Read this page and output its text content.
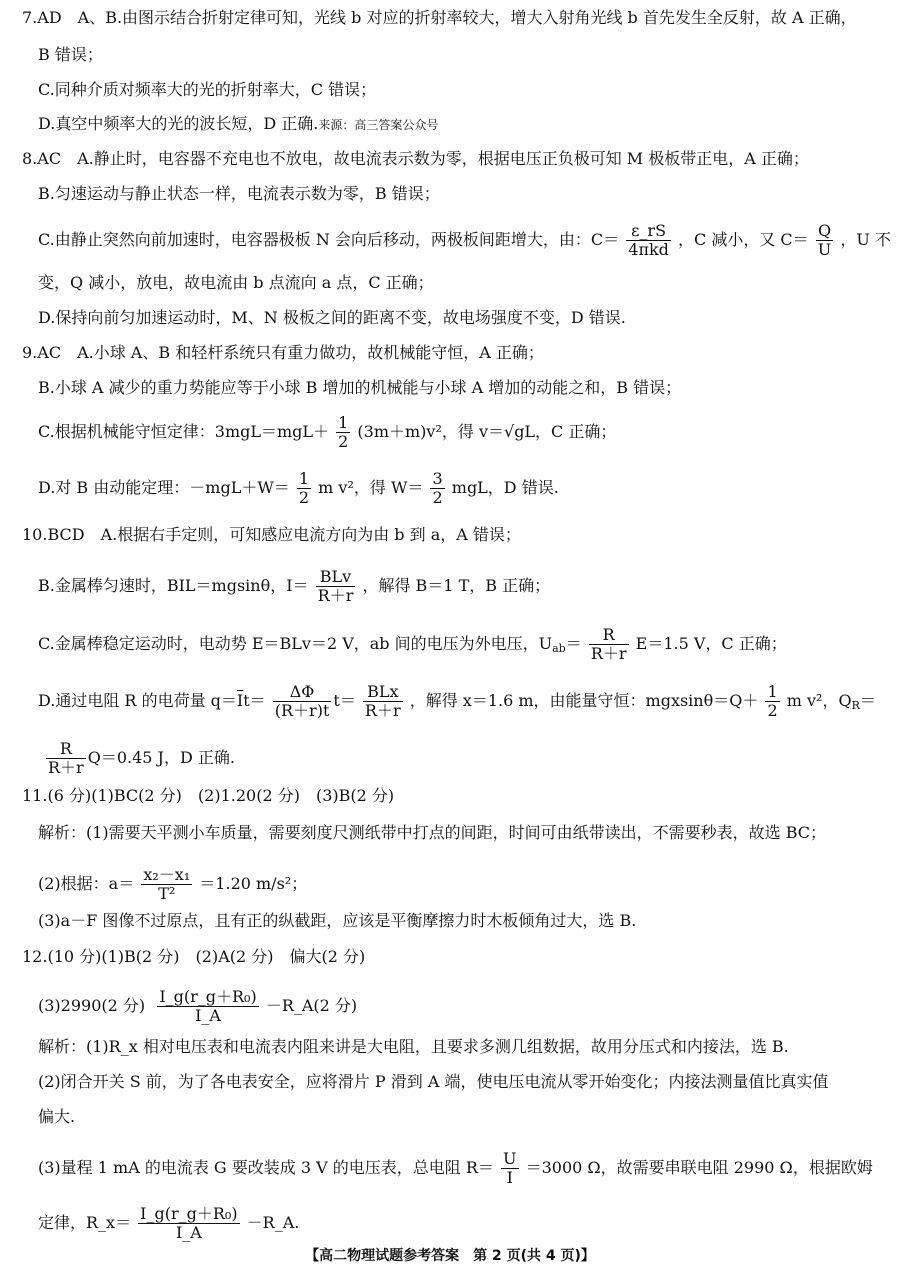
7.AD　A、B.由图示结合折射定律可知，光线 b 对应的折射率较大，增大入射角光线 b 首先发生全反射，故 A 正确，
B 错误；
C.同种介质对频率大的光的折射率大，C 错误；
D.真空中频率大的光的波长短，D 正确.来源：高三答案公众号
8.AC　A.静止时，电容器不充电也不放电，故电流表示数为零，根据电压正负极可知 M 极板带正电，A 正确；
B.匀速运动与静止状态一样，电流表示数为零，B 错误；
C.由静止突然向前加速时，电容器极板 N 会向后移动，两极板间距增大，由：$C= \frac{\varepsilon\_rS}{\text{4πkd}}$ ，C 减小，又 $C= \frac{Q}{U}$ ，U 不
变，Q 减小，放电，故电流由 b 点流向 a 点，C 正确；
D.保持向前匀加速运动时，M、N 极板之间的距离不变，故电场强度不变，D 错误.
9.AC　A.小球 A、B 和轻杆系统只有重力做功，故机械能守恒，A 正确；
B.小球 A 减少的重力势能应等于小球 B 增加的机械能与小球 A 增加的动能之和，B 错误；
C.根据机械能守恒定律：$3mgL=mgL+ \frac{1}{2} (3m+m)v^2$，得 v＝√gL，C 正确；
D.对 B 由动能定理：$-mgL+W= \frac{1}{2}$ m v²，得 $W= \frac{3}{2}$ mgL，D 错误.
10.BCD　A.根据右手定则，可知感应电流方向为由 b 到 a，A 错误；
B.金属棒匀速时，BIL＝mgsinθ，$I= \frac{\text{BLv}}{R+r}$ ，解得 B＝1 T，B 正确；
C.金属棒稳定运动时，电动势 E＝BLv＝2 V，ab 间的电压为外电压，$U_{ab}= \frac{R}{R+r} E=1.5$ V，C 正确；
D.通过电阻 R 的电荷量 $q=\overline{I}t= \frac{\Delta\Phi}{(R+r)t} t= \frac{\text{BLx}}{R+r}$ ，解得 x＝1.6 m，由能量守恒：$mgxsin\theta=Q+ \frac{1}{2}$ m v²，$Q_R=$
$\frac{R}{R+r} Q=0.45$ J，D 正确.
11.(6 分)(1)BC(2 分)　(2)1.20(2 分)　(3)B(2 分)
解析：(1)需要天平测小车质量，需要刻度尺测纸带中打点的间距，时间可由纸带读出，不需要秒表，故选 BC；
(2)根据：$a= \frac{\text{x₂－x₁}}{\text{T²}} =1.20$ m/s²；
(3)a－F 图像不过原点，且有正的纵截距，应该是平衡摩擦力时木板倾角过大，选 B.
12.(10 分)(1)B(2 分)　(2)A(2 分)　偏大(2 分)
(3)2990(2 分) $\frac{\text{I\_g(r\_g＋R₀)}}{I\_A}$ －R_A(2 分)
解析：(1)R_x 相对电压表和电流表内阻来讲是大电阻，且要求多测几组数据，故用分压式和内接法，选 B.
(2)闭合开关 S 前，为了各电表安全，应将滑片 P 滑到 A 端，使电压电流从零开始变化；内接法测量值比真实值
偏大.
(3)量程 1 mA 的电流表 G 要改装成 3 V 的电压表，总电阻 $R= \frac{U}{I} =3000$ Ω，故需要串联电阻 2990 Ω，根据欧姆
定律，R_x＝ $\frac{\text{I\_g(r\_g＋R₀)}}{I\_A}$ －R_A.
【高二物理试题参考答案　第 2 页(共 4 页)】
